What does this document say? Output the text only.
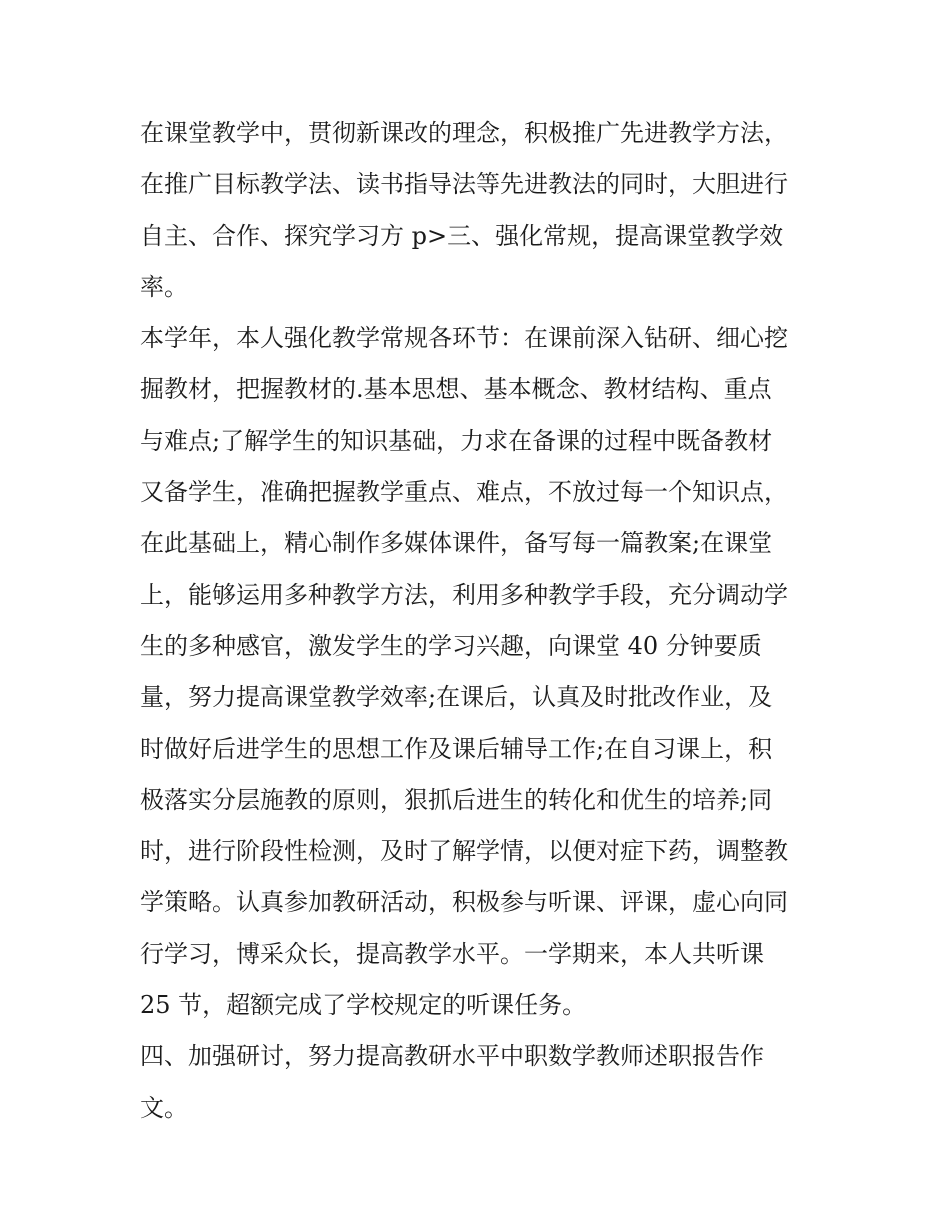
在课堂教学中，贯彻新课改的理念，积极推广先进教学方法，
在推广目标教学法、读书指导法等先进教法的同时，大胆进行
自主、合作、探究学习方 p>三、强化常规，提高课堂教学效
率。
本学年，本人强化教学常规各环节：在课前深入钻研、细心挖
掘教材，把握教材的.基本思想、基本概念、教材结构、重点
与难点;了解学生的知识基础，力求在备课的过程中既备教材
又备学生，准确把握教学重点、难点，不放过每一个知识点，
在此基础上，精心制作多媒体课件，备写每一篇教案;在课堂
上，能够运用多种教学方法，利用多种教学手段，充分调动学
生的多种感官，激发学生的学习兴趣，向课堂 40 分钟要质
量，努力提高课堂教学效率;在课后，认真及时批改作业，及
时做好后进学生的思想工作及课后辅导工作;在自习课上，积
极落实分层施教的原则，狠抓后进生的转化和优生的培养;同
时，进行阶段性检测，及时了解学情，以便对症下药，调整教
学策略。认真参加教研活动，积极参与听课、评课，虚心向同
行学习，博采众长，提高教学水平。一学期来，本人共听课
25 节，超额完成了学校规定的听课任务。
四、加强研讨，努力提高教研水平中职数学教师述职报告作
文。
